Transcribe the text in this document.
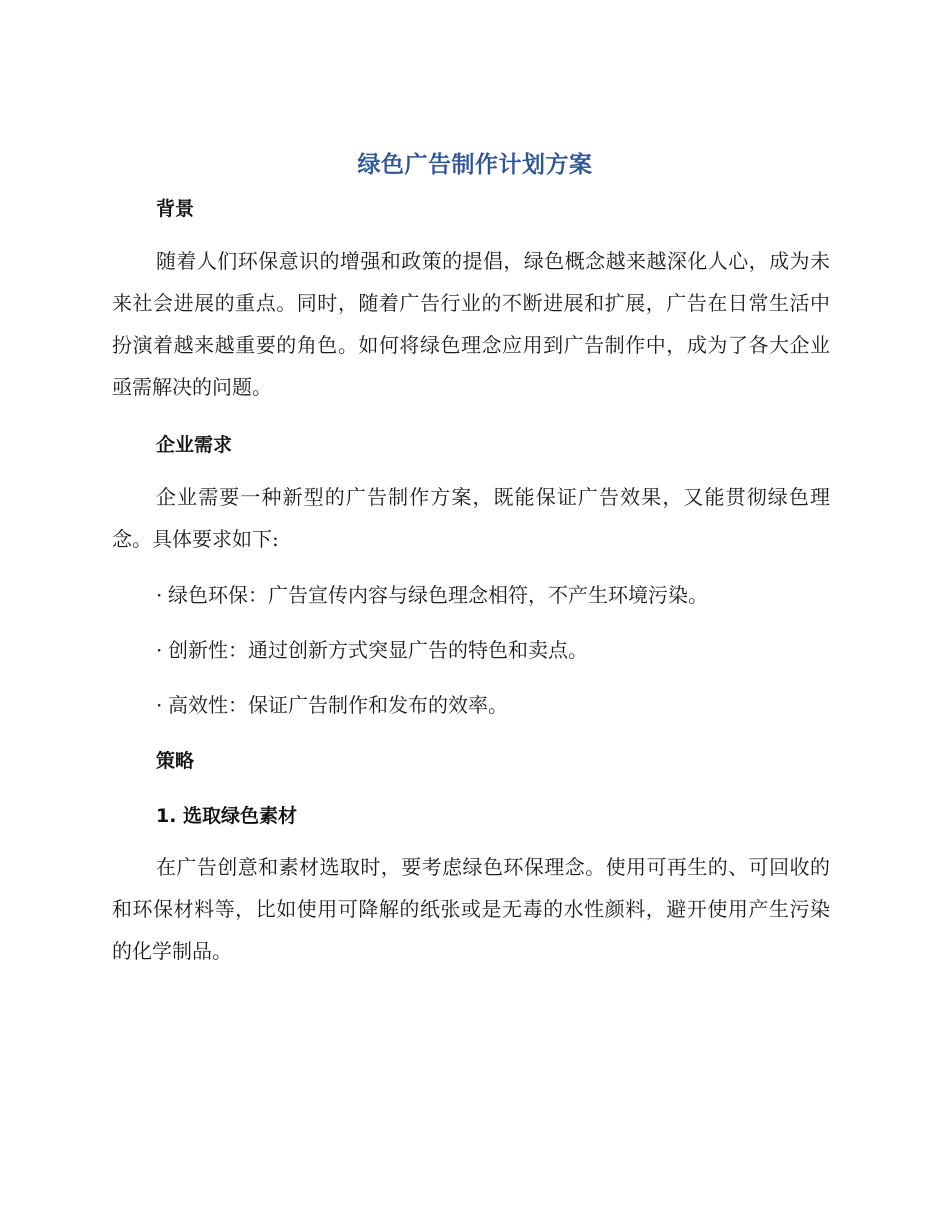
绿色广告制作计划方案
背景

随着人们环保意识的增强和政策的提倡，绿色概念越来越深化人心，成为未来社会进展的重点。同时，随着广告行业的不断进展和扩展，广告在日常生活中扮演着越来越重要的角色。如何将绿色理念应用到广告制作中，成为了各大企业亟需解决的问题。

企业需求

企业需要一种新型的广告制作方案，既能保证广告效果，又能贯彻绿色理念。具体要求如下:

· 绿色环保：广告宣传内容与绿色理念相符，不产生环境污染。
· 创新性：通过创新方式突显广告的特色和卖点。
· 高效性：保证广告制作和发布的效率。
策略
1. 选取绿色素材

在广告创意和素材选取时，要考虑绿色环保理念。使用可再生的、可回收的和环保材料等，比如使用可降解的纸张或是无毒的水性颜料，避开使用产生污染的化学制品。
